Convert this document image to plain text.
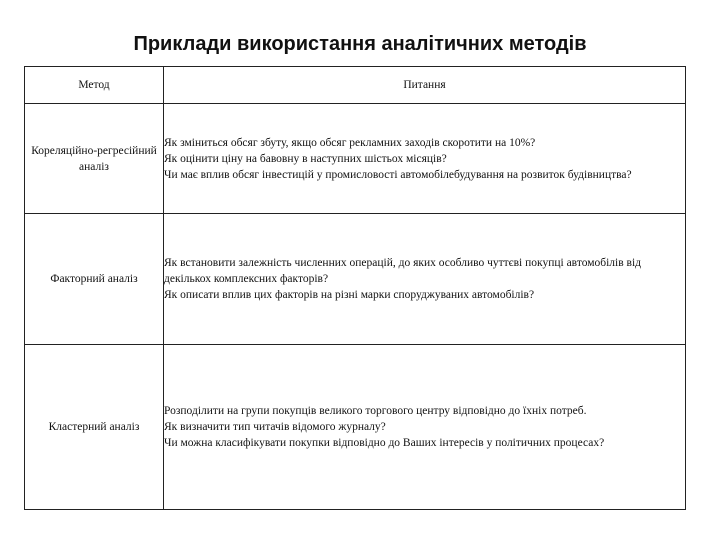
Приклади використання аналітичних методів
Метод	Питання
Кореляційно-регресійний аналіз	Як зміниться обсяг збуту, якщо обсяг рекламних заходів скоротити на 10%?
Як оцінити ціну на бавовну в наступних шістьох місяців?
Чи має вплив обсяг інвестицій у промисловості автомобілебудування на розвиток будівництва?

Факторний аналіз	Як встановити залежність численних операцій, до яких особливо чуттєві покупці автомобілів від декількох комплексних факторів?
Як описати вплив цих факторів на різні марки споруджуваних автомобілів?

Кластерний аналіз	Розподілити на групи покупців великого торгового центру відповідно до їхніх потреб.
Як визначити тип читачів відомого журналу?
Чи можна класифікувати покупки відповідно до Ваших інтересів у політичних процесах?
